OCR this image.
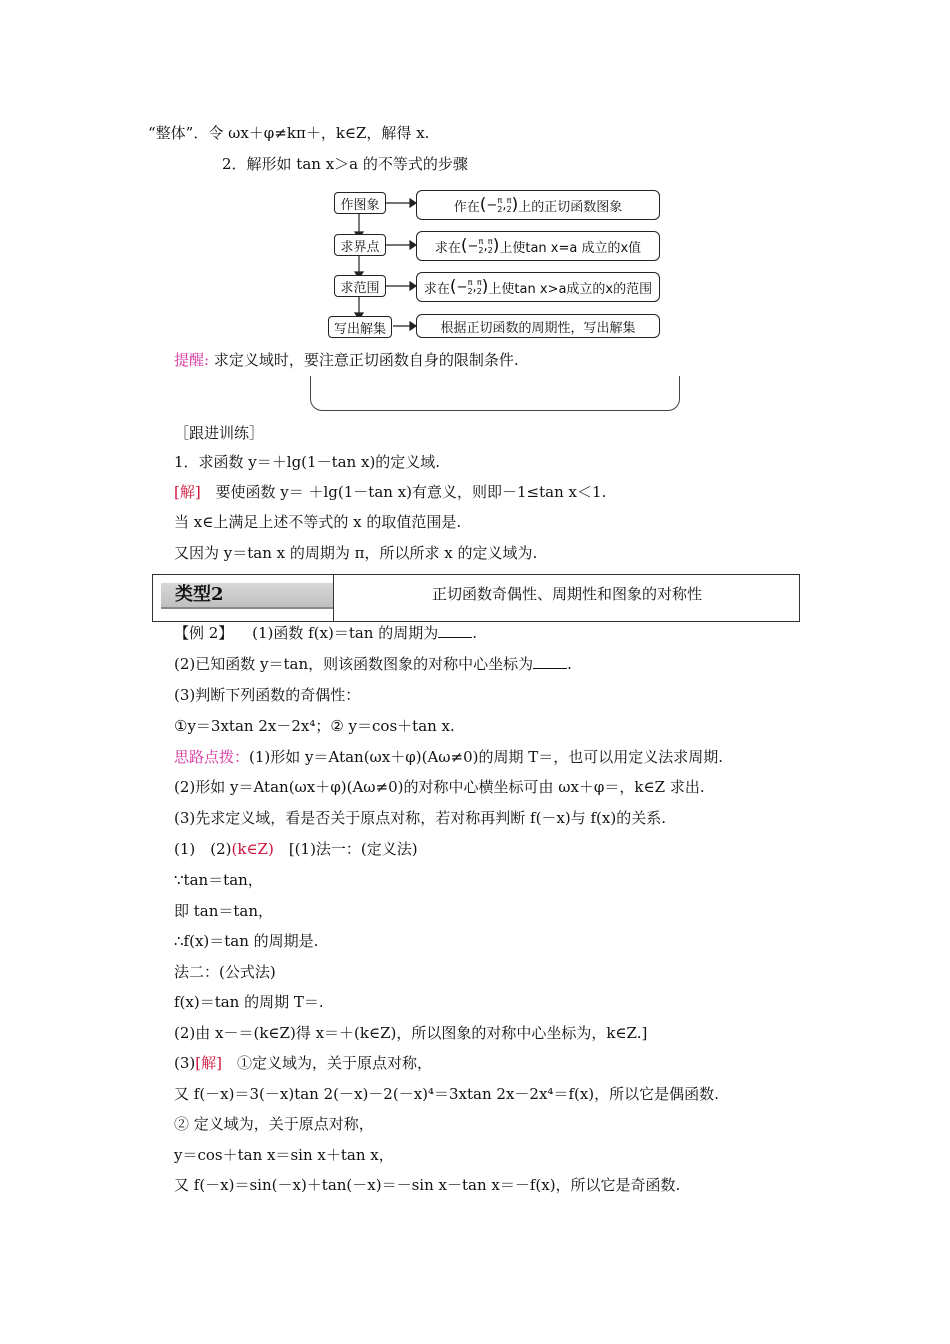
“整体”．令 ωx＋φ≠kπ＋，k∈Z，解得 x.
2．解形如 tan x＞a 的不等式的步骤
作图象	作在 ( − π
2 , π
2 ) 上的正切函数图象
求界点	求在 ( − π
2 , π
2 ) 上使tan x=a 成立的x值
求范围	求在 ( − π
2 , π
2 ) 上使tan x>a成立的x的范围
写出解集	根据正切函数的周期性，写出解集
提醒: 求定义域时，要注意正切函数自身的限制条件.
［跟进训练］
1．求函数 y＝＋lg(1－tan x)的定义域.
[解] 要使函数 y＝ ＋lg(1－tan x)有意义，则即－1≤tan x＜1.
当 x∈上满足上述不等式的 x 的取值范围是.
又因为 y＝tan x 的周期为 π，所以所求 x 的定义域为.
类型2	正切函数奇偶性、周期性和图象的对称性
【例 2】 (1)函数 f(x)＝tan 的周期为 .
(2)已知函数 y＝tan，则该函数图象的对称中心坐标为 .
(3)判断下列函数的奇偶性：
①y＝3xtan 2x－2x⁴；② y＝cos＋tan x.
思路点拨：(1)形如 y＝Atan(ωx＋φ)(Aω≠0)的周期 T＝，也可以用定义法求周期.
(2)形如 y＝Atan(ωx＋φ)(Aω≠0)的对称中心横坐标可由 ωx＋φ＝，k∈Z 求出.
(3)先求定义域，看是否关于原点对称，若对称再判断 f(－x)与 f(x)的关系.
(1)　(2)(k∈Z)　[(1)法一：(定义法)
∵tan＝tan，
即 tan＝tan，
∴f(x)＝tan 的周期是.
法二：(公式法)
f(x)＝tan 的周期 T＝.
(2)由 x－＝(k∈Z)得 x＝＋(k∈Z)，所以图象的对称中心坐标为，k∈Z.]
(3)[解]　①定义域为，关于原点对称，
又 f(－x)＝3(－x)tan 2(－x)－2(－x)⁴＝3xtan 2x－2x⁴＝f(x)，所以它是偶函数.
② 定义域为，关于原点对称，
y＝cos＋tan x＝sin x＋tan x，
又 f(－x)＝sin(－x)＋tan(－x)＝－sin x－tan x＝－f(x)，所以它是奇函数.
